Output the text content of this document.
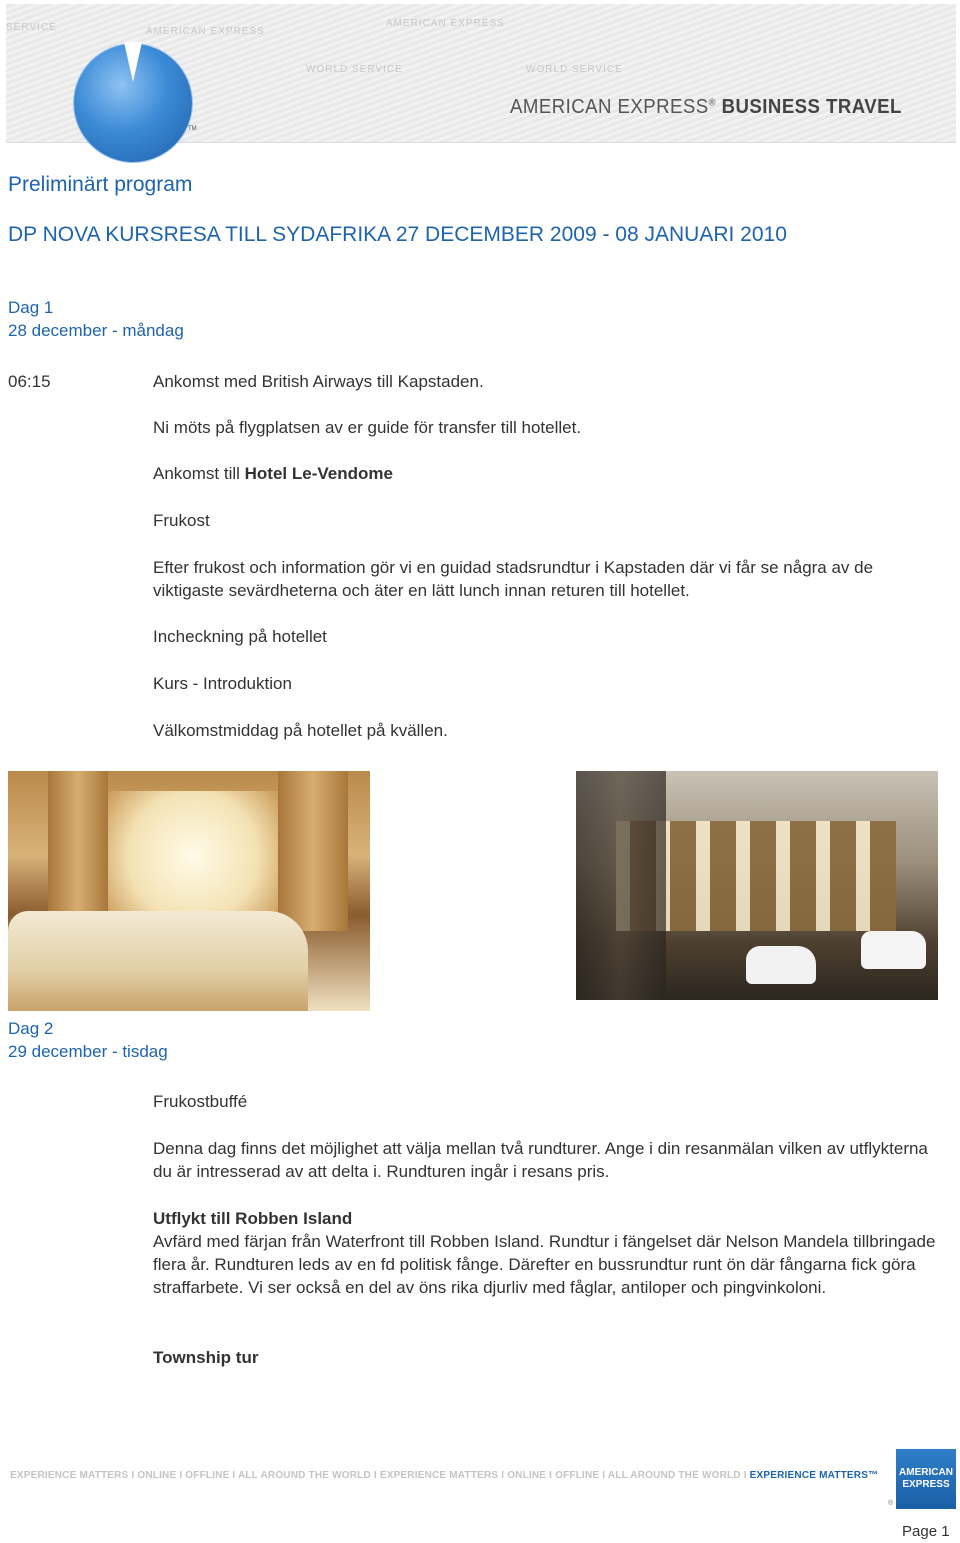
SERVICE	AMERICAN EXPRESS
WORLD SERVICE
AMERICAN EXPRESS
WORLD SERVICE
TM
AMERICAN EXPRESS® BUSINESS TRAVEL
Preliminärt program
DP NOVA KURSRESA TILL SYDAFRIKA 27 DECEMBER 2009 - 08 JANUARI 2010
Dag 1
28 december - måndag
06:15	Ankomst med British Airways till Kapstaden.
Ni möts på flygplatsen av er guide för transfer till hotellet.
Ankomst till Hotel Le-Vendome
Frukost
Efter frukost och information gör vi en guidad stadsrundtur i Kapstaden där vi får se några av de viktigaste sevärdheterna och äter en lätt lunch innan returen till hotellet.
Incheckning på hotellet
Kurs - Introduktion
Välkomstmiddag på hotellet på kvällen.
Dag 2
29 december - tisdag
Frukostbuffé
Denna dag finns det möjlighet att välja mellan två rundturer. Ange i din resanmälan vilken av utflykterna du är intresserad av att delta i. Rundturen ingår i resans pris.
Utflykt till Robben Island
Avfärd med färjan från Waterfront till Robben Island. Rundtur i fängelset där Nelson Mandela tillbringade flera år. Rundturen leds av en fd politisk fånge. Därefter en bussrundtur runt ön där fångarna fick göra straffarbete. Vi ser också en del av öns rika djurliv med fåglar, antiloper och pingvinkoloni.
Township tur
EXPERIENCE MATTERS I ONLINE I OFFLINE I ALL AROUND THE WORLD I EXPERIENCE MATTERS I ONLINE I OFFLINE I ALL AROUND THE WORLD I EXPERIENCE MATTERS™	AMERICAN
EXPRESS
®
Page 1
